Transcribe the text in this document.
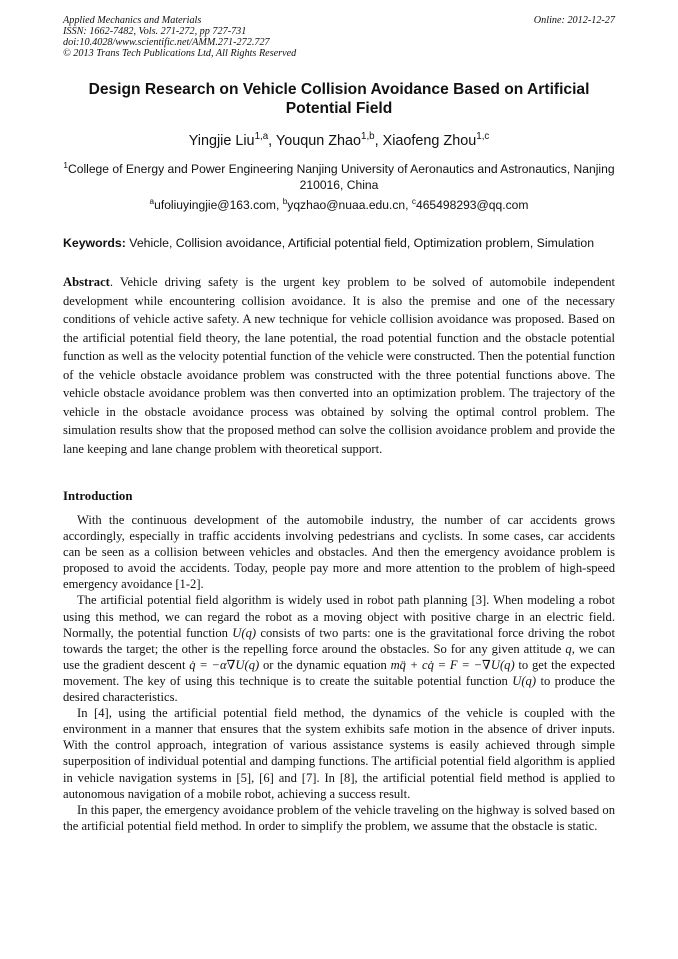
Applied Mechanics and Materials
ISSN: 1662-7482, Vols. 271-272, pp 727-731
doi:10.4028/www.scientific.net/AMM.271-272.727
© 2013 Trans Tech Publications Ltd, All Rights Reserved
Online: 2012-12-27
Design Research on Vehicle Collision Avoidance Based on Artificial Potential Field
Yingjie Liu$^{1,a}$, Youqun Zhao$^{1,b}$, Xiaofeng Zhou$^{1,c}$
$^1$College of Energy and Power Engineering Nanjing University of Aeronautics and Astronautics, Nanjing 210016, China
$^a$ufoliuyingjie@163.com, $^b$yqzhao@nuaa.edu.cn, $^c$465498293@qq.com
Keywords: Vehicle, Collision avoidance, Artificial potential field, Optimization problem, Simulation
Abstract. Vehicle driving safety is the urgent key problem to be solved of automobile independent development while encountering collision avoidance. It is also the premise and one of the necessary conditions of vehicle active safety. A new technique for vehicle collision avoidance was proposed. Based on the artificial potential field theory, the lane potential, the road potential function and the obstacle potential function as well as the velocity potential function of the vehicle were constructed. Then the potential function of the vehicle obstacle avoidance problem was constructed with the three potential functions above. The vehicle obstacle avoidance problem was then converted into an optimization problem. The trajectory of the vehicle in the obstacle avoidance process was obtained by solving the optimal control problem. The simulation results show that the proposed method can solve the collision avoidance problem and provide the lane keeping and lane change problem with theoretical support.
Introduction

With the continuous development of the automobile industry, the number of car accidents grows accordingly, especially in traffic accidents involving pedestrians and cyclists. In some cases, car accidents can be seen as a collision between vehicles and obstacles. And then the emergency avoidance problem is proposed to avoid the accidents. Today, people pay more and more attention to the problem of high-speed emergency avoidance [1-2].

The artificial potential field algorithm is widely used in robot path planning [3]. When modeling a robot using this method, we can regard the robot as a moving object with positive charge in an electric field. Normally, the potential function U(q) consists of two parts: one is the gravitational force driving the robot towards the target; the other is the repelling force around the obstacles. So for any given attitude q, we can use the gradient descent q̇ = −α∇U(q) or the dynamic equation mq̈ + cq̇ = F = −∇U(q) to get the expected movement. The key of using this technique is to create the suitable potential function U(q) to produce the desired characteristics.

In [4], using the artificial potential field method, the dynamics of the vehicle is coupled with the environment in a manner that ensures that the system exhibits safe motion in the absence of driver inputs. With the control approach, integration of various assistance systems is easily achieved through simple superposition of individual potential and damping functions. The artificial potential field algorithm is applied in vehicle navigation systems in [5], [6] and [7]. In [8], the artificial potential field method is applied to autonomous navigation of a mobile robot, achieving a success result.

In this paper, the emergency avoidance problem of the vehicle traveling on the highway is solved based on the artificial potential field method. In order to simplify the problem, we assume that the obstacle is static.
